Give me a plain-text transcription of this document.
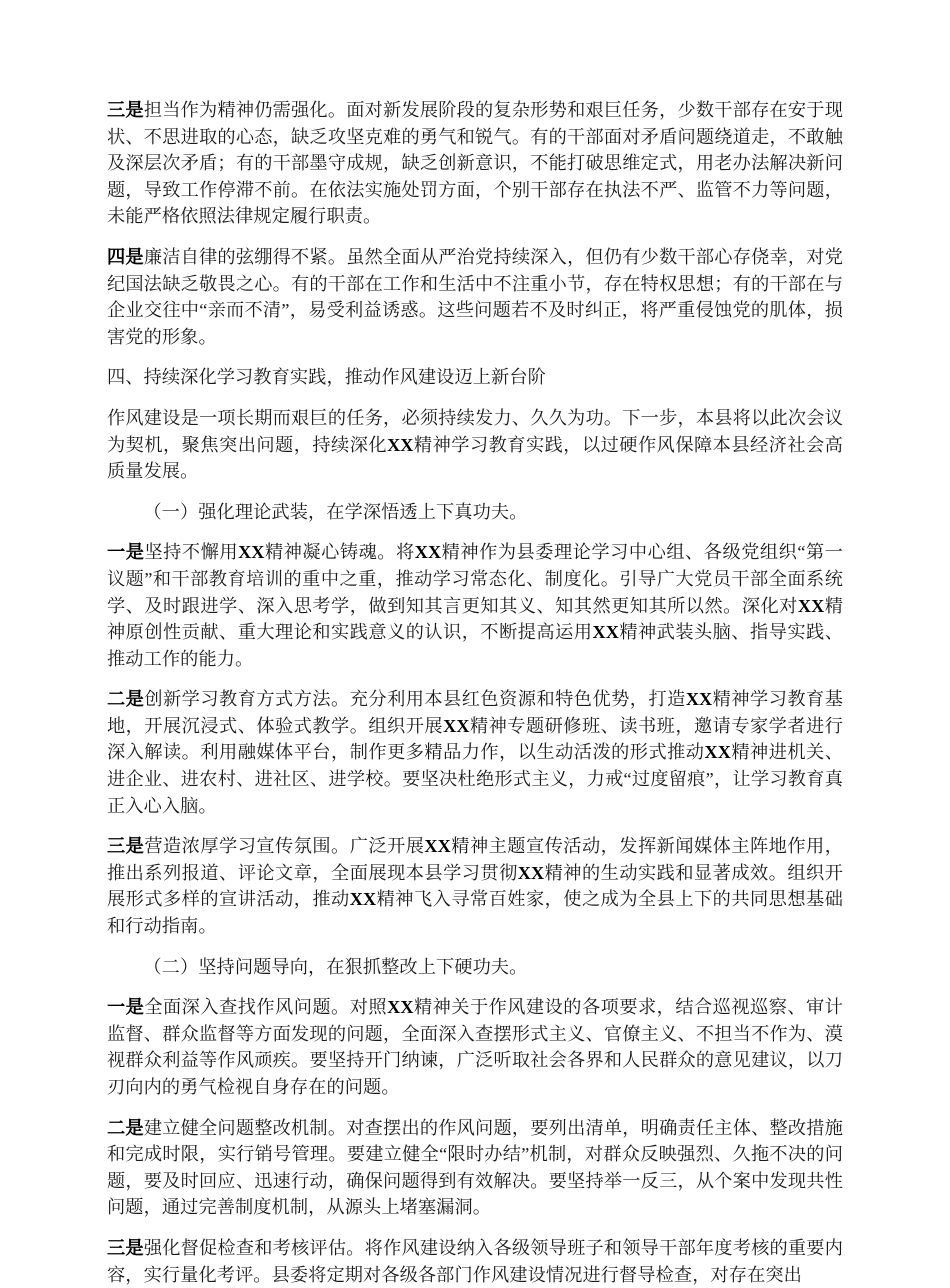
三是担当作为精神仍需强化。面对新发展阶段的复杂形势和艰巨任务，少数干部存在安于现状、不思进取的心态，缺乏攻坚克难的勇气和锐气。有的干部面对矛盾问题绕道走，不敢触及深层次矛盾；有的干部墨守成规，缺乏创新意识，不能打破思维定式，用老办法解决新问题，导致工作停滞不前。在依法实施处罚方面，个别干部存在执法不严、监管不力等问题，未能严格依照法律规定履行职责。

四是廉洁自律的弦绷得不紧。虽然全面从严治党持续深入，但仍有少数干部心存侥幸，对党纪国法缺乏敬畏之心。有的干部在工作和生活中不注重小节，存在特权思想；有的干部在与企业交往中“亲而不清”，易受利益诱惑。这些问题若不及时纠正，将严重侵蚀党的肌体，损害党的形象。

四、持续深化学习教育实践，推动作风建设迈上新台阶

作风建设是一项长期而艰巨的任务，必须持续发力、久久为功。下一步，本县将以此次会议为契机，聚焦突出问题，持续深化XX精神学习教育实践，以过硬作风保障本县经济社会高质量发展。

（一）强化理论武装，在学深悟透上下真功夫。

一是坚持不懈用XX精神凝心铸魂。将XX精神作为县委理论学习中心组、各级党组织“第一议题”和干部教育培训的重中之重，推动学习常态化、制度化。引导广大党员干部全面系统学、及时跟进学、深入思考学，做到知其言更知其义、知其然更知其所以然。深化对XX精神原创性贡献、重大理论和实践意义的认识，不断提高运用XX精神武装头脑、指导实践、推动工作的能力。

二是创新学习教育方式方法。充分利用本县红色资源和特色优势，打造XX精神学习教育基地，开展沉浸式、体验式教学。组织开展XX精神专题研修班、读书班，邀请专家学者进行深入解读。利用融媒体平台，制作更多精品力作，以生动活泼的形式推动XX精神进机关、进企业、进农村、进社区、进学校。要坚决杜绝形式主义，力戒“过度留痕”，让学习教育真正入心入脑。

三是营造浓厚学习宣传氛围。广泛开展XX精神主题宣传活动，发挥新闻媒体主阵地作用，推出系列报道、评论文章，全面展现本县学习贯彻XX精神的生动实践和显著成效。组织开展形式多样的宣讲活动，推动XX精神飞入寻常百姓家，使之成为全县上下的共同思想基础和行动指南。

（二）坚持问题导向，在狠抓整改上下硬功夫。

一是全面深入查找作风问题。对照XX精神关于作风建设的各项要求，结合巡视巡察、审计监督、群众监督等方面发现的问题，全面深入查摆形式主义、官僚主义、不担当不作为、漠视群众利益等作风顽疾。要坚持开门纳谏，广泛听取社会各界和人民群众的意见建议，以刀刃向内的勇气检视自身存在的问题。

二是建立健全问题整改机制。对查摆出的作风问题，要列出清单，明确责任主体、整改措施和完成时限，实行销号管理。要建立健全“限时办结”机制，对群众反映强烈、久拖不决的问题，要及时回应、迅速行动，确保问题得到有效解决。要坚持举一反三，从个案中发现共性问题，通过完善制度机制，从源头上堵塞漏洞。

三是强化督促检查和考核评估。将作风建设纳入各级领导班子和领导干部年度考核的重要内容，实行量化考评。县委将定期对各级各部门作风建设情况进行督导检查，对存在突出
